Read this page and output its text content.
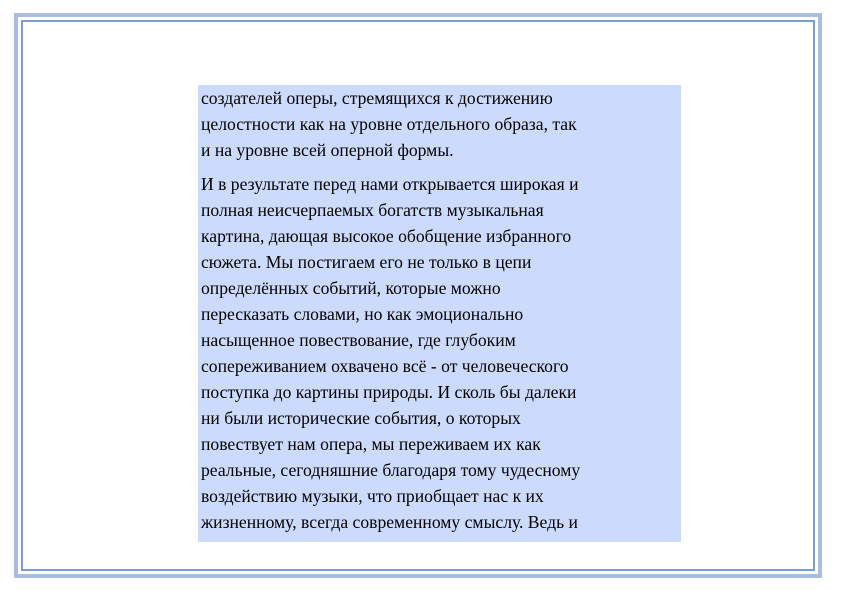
создателей оперы, стремящихся к достижению
целостности как на уровне отдельного образа, так
и на уровне всей оперной формы.

И в результате перед нами открывается широкая и
полная неисчерпаемых богатств музыкальная
картина, дающая высокое обобщение избранного
сюжета. Мы постигаем его не только в цепи
определённых событий, которые можно
пересказать словами, но как эмоционально
насыщенное повествование, где глубоким
сопереживанием охвачено всё - от человеческого
поступка до картины природы. И сколь бы далеки
ни были исторические события, о которых
повествует нам опера, мы переживаем их как
реальные, сегодняшние благодаря тому чудесному
воздействию музыки, что приобщает нас к их
жизненному, всегда современному смыслу. Ведь и
